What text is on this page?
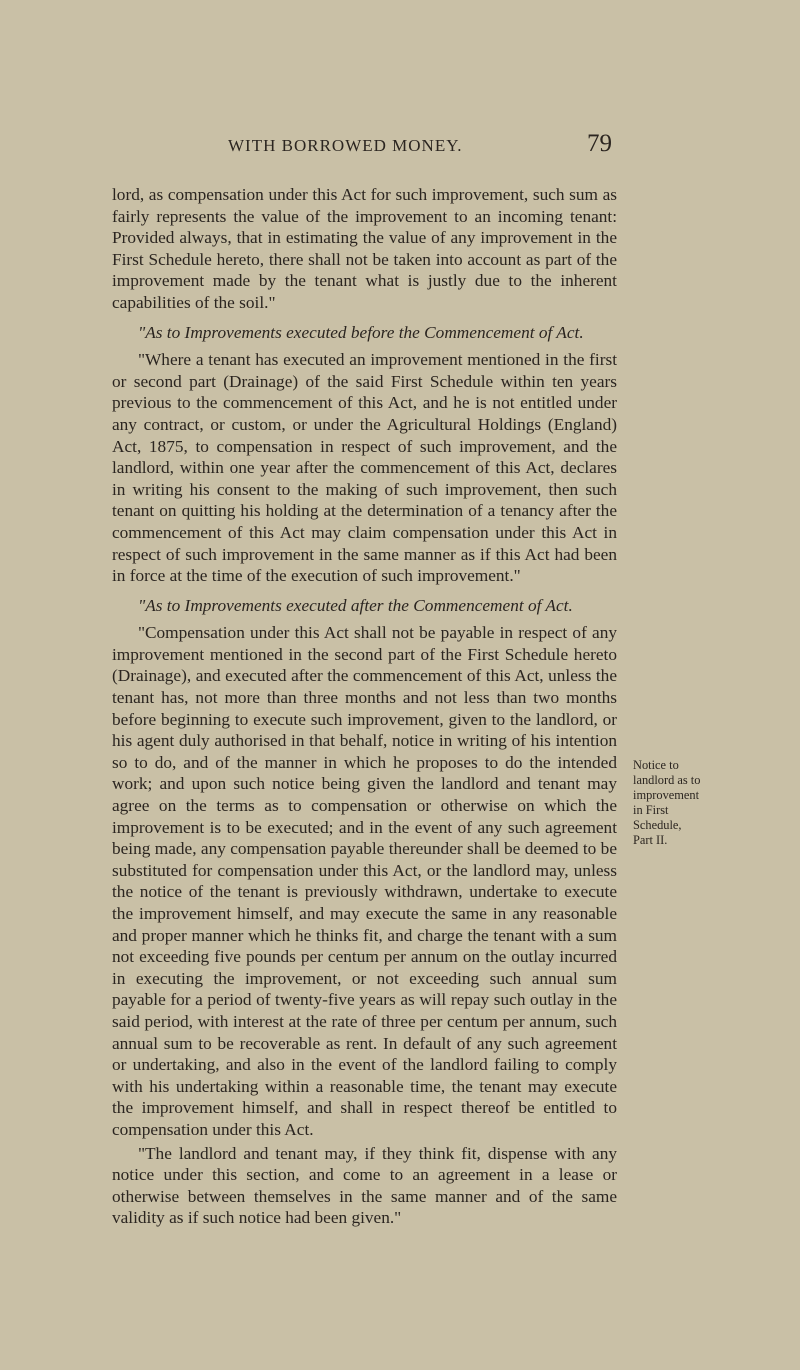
WITH BORROWED MONEY.	79

lord, as compensation under this Act for such improvement, such sum as fairly represents the value of the improvement to an incoming tenant: Provided always, that in estimating the value of any improvement in the First Schedule hereto, there shall not be taken into account as part of the improvement made by the tenant what is justly due to the inherent capabilities of the soil."

"As to Improvements executed before the Commencement of Act.

"Where a tenant has executed an improvement mentioned in the first or second part (Drainage) of the said First Schedule within ten years previous to the commencement of this Act, and he is not entitled under any contract, or custom, or under the Agricultural Holdings (England) Act, 1875, to compensation in respect of such improvement, and the landlord, within one year after the commencement of this Act, declares in writing his consent to the making of such improvement, then such tenant on quitting his holding at the determination of a tenancy after the commencement of this Act may claim compensation under this Act in respect of such improvement in the same manner as if this Act had been in force at the time of the execution of such improvement."

"As to Improvements executed after the Commencement of Act.

"Compensation under this Act shall not be payable in respect of any improvement mentioned in the second part of the First Schedule hereto (Drainage), and executed after the commencement of this Act, unless the tenant has, not more than three months and not less than two months before beginning to execute such improvement, given to the landlord, or his agent duly authorised in that behalf, notice in writing of his intention so to do, and of the manner in which he proposes to do the intended work; and upon such notice being given the landlord and tenant may agree on the terms as to compensation or otherwise on which the improvement is to be executed; and in the event of any such agreement being made, any compensation payable thereunder shall be deemed to be substituted for compensation under this Act, or the landlord may, unless the notice of the tenant is previously withdrawn, undertake to execute the improvement himself, and may execute the same in any reasonable and proper manner which he thinks fit, and charge the tenant with a sum not exceeding five pounds per centum per annum on the outlay incurred in executing the improvement, or not exceeding such annual sum payable for a period of twenty-five years as will repay such outlay in the said period, with interest at the rate of three per centum per annum, such annual sum to be recoverable as rent. In default of any such agreement or undertaking, and also in the event of the landlord failing to comply with his undertaking within a reasonable time, the tenant may execute the improvement himself, and shall in respect thereof be entitled to compensation under this Act.

"The landlord and tenant may, if they think fit, dispense with any notice under this section, and come to an agreement in a lease or otherwise between themselves in the same manner and of the same validity as if such notice had been given."

Notice to landlord as to improvement in First Schedule, Part II.
